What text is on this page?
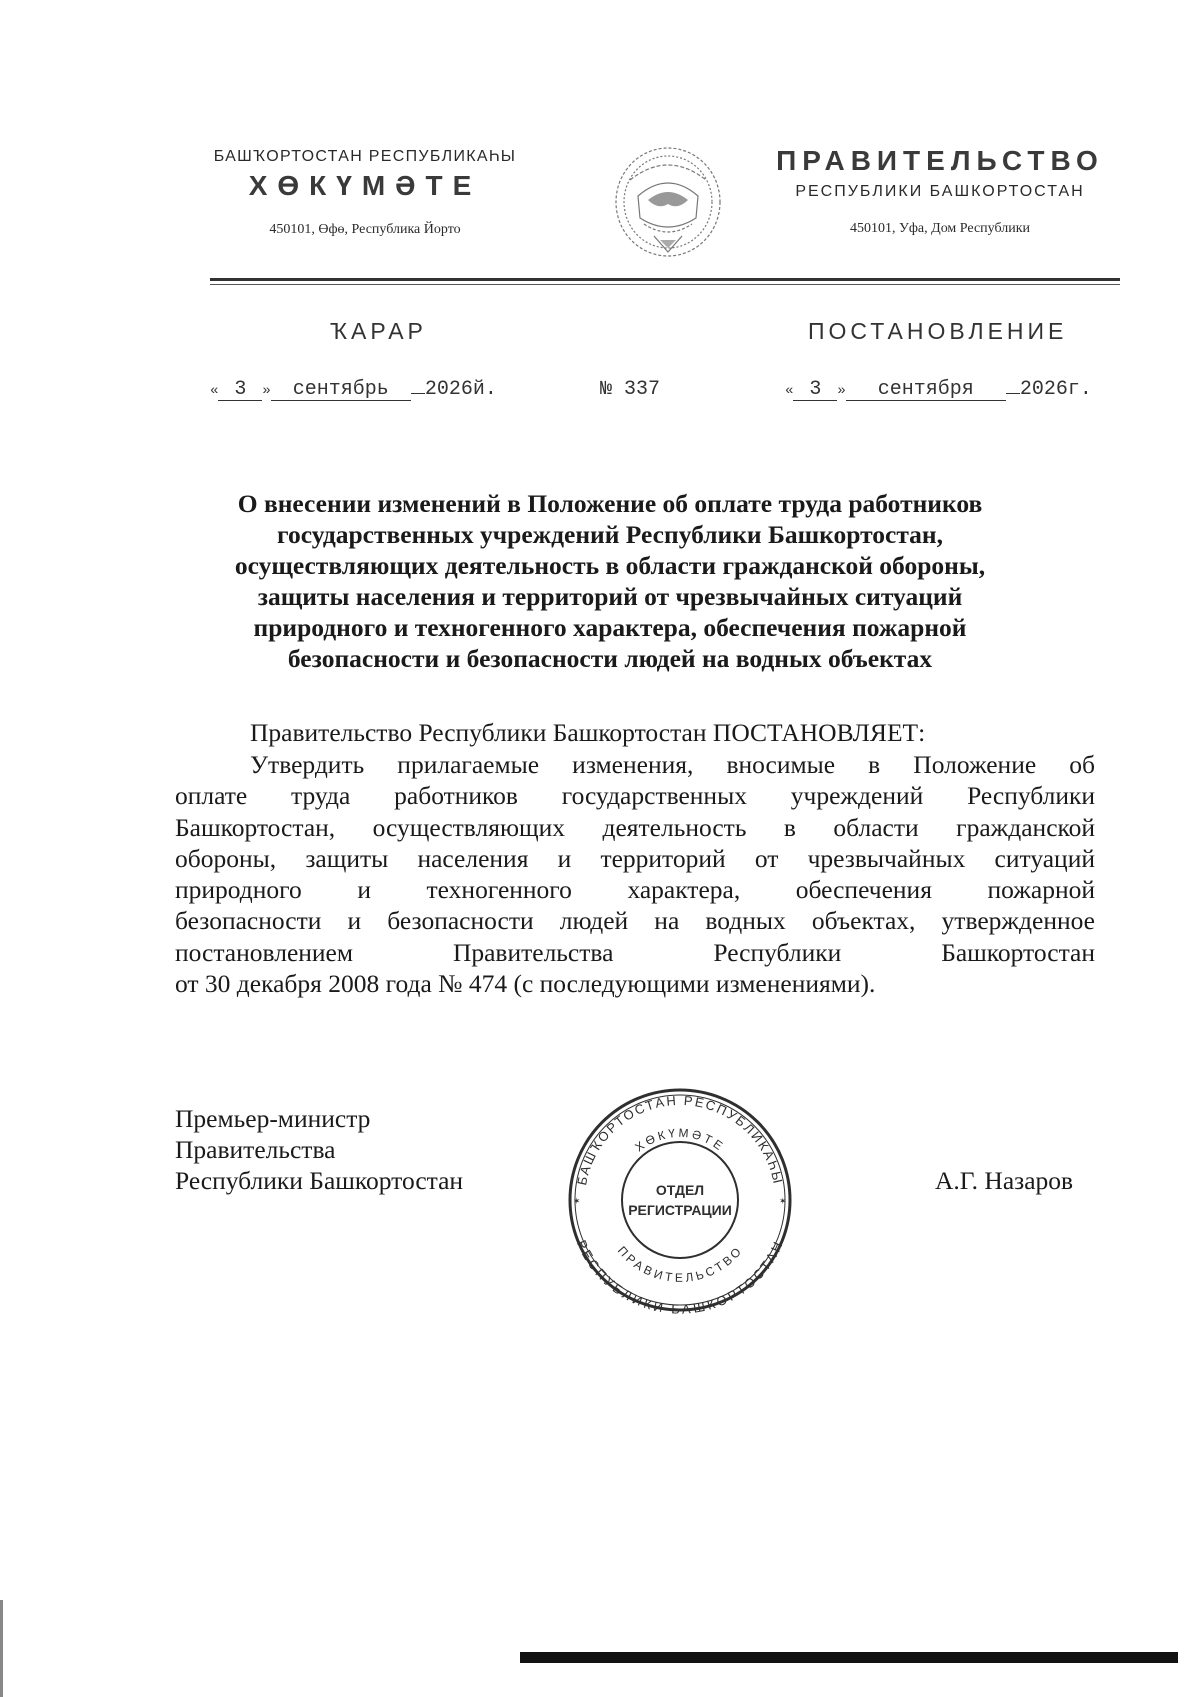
БАШҠОРТОСТАН РЕСПУБЛИКАҺЫ
ХӨКҮМӘТЕ
450101, Өфө, Республика Йорто
ПРАВИТЕЛЬСТВО
РЕСПУБЛИКИ БАШКОРТОСТАН
450101, Уфа, Дом Республики
ҠАРАР	ПОСТАНОВЛЕНИЕ
« 3 » сентябрь 2026й.	№ 337	« 3 » сентября 2026г.
О внесении изменений в Положение об оплате труда работников
государственных учреждений Республики Башкортостан,
осуществляющих деятельность в области гражданской обороны,
защиты населения и территорий от чрезвычайных ситуаций
природного и техногенного характера, обеспечения пожарной
безопасности и безопасности людей на водных объектах
Правительство Республики Башкортостан ПОСТАНОВЛЯЕТ:
Утвердить прилагаемые изменения, вносимые в Положение об
оплате труда работников государственных учреждений Республики
Башкортостан, осуществляющих деятельность в области гражданской
обороны, защиты населения и территорий от чрезвычайных ситуаций
природного и техногенного характера, обеспечения пожарной
безопасности и безопасности людей на водных объектах, утвержденное
постановлением Правительства Республики Башкортостан
от 30 декабря 2008 года № 474 (с последующими изменениями).
Премьер-министр
Правительства
Республики Башкортостан	БАШҠОРТОСТАН РЕСПУБЛИКАҺЫ
ХӨКҮМӘТЕ
РЕСПУБЛИКИ БАШКОРТОСТАН
ПРАВИТЕЛЬСТВО
✶	✶
ОТДЕЛ
РЕГИСТРАЦИИ
А.Г. Назаров
